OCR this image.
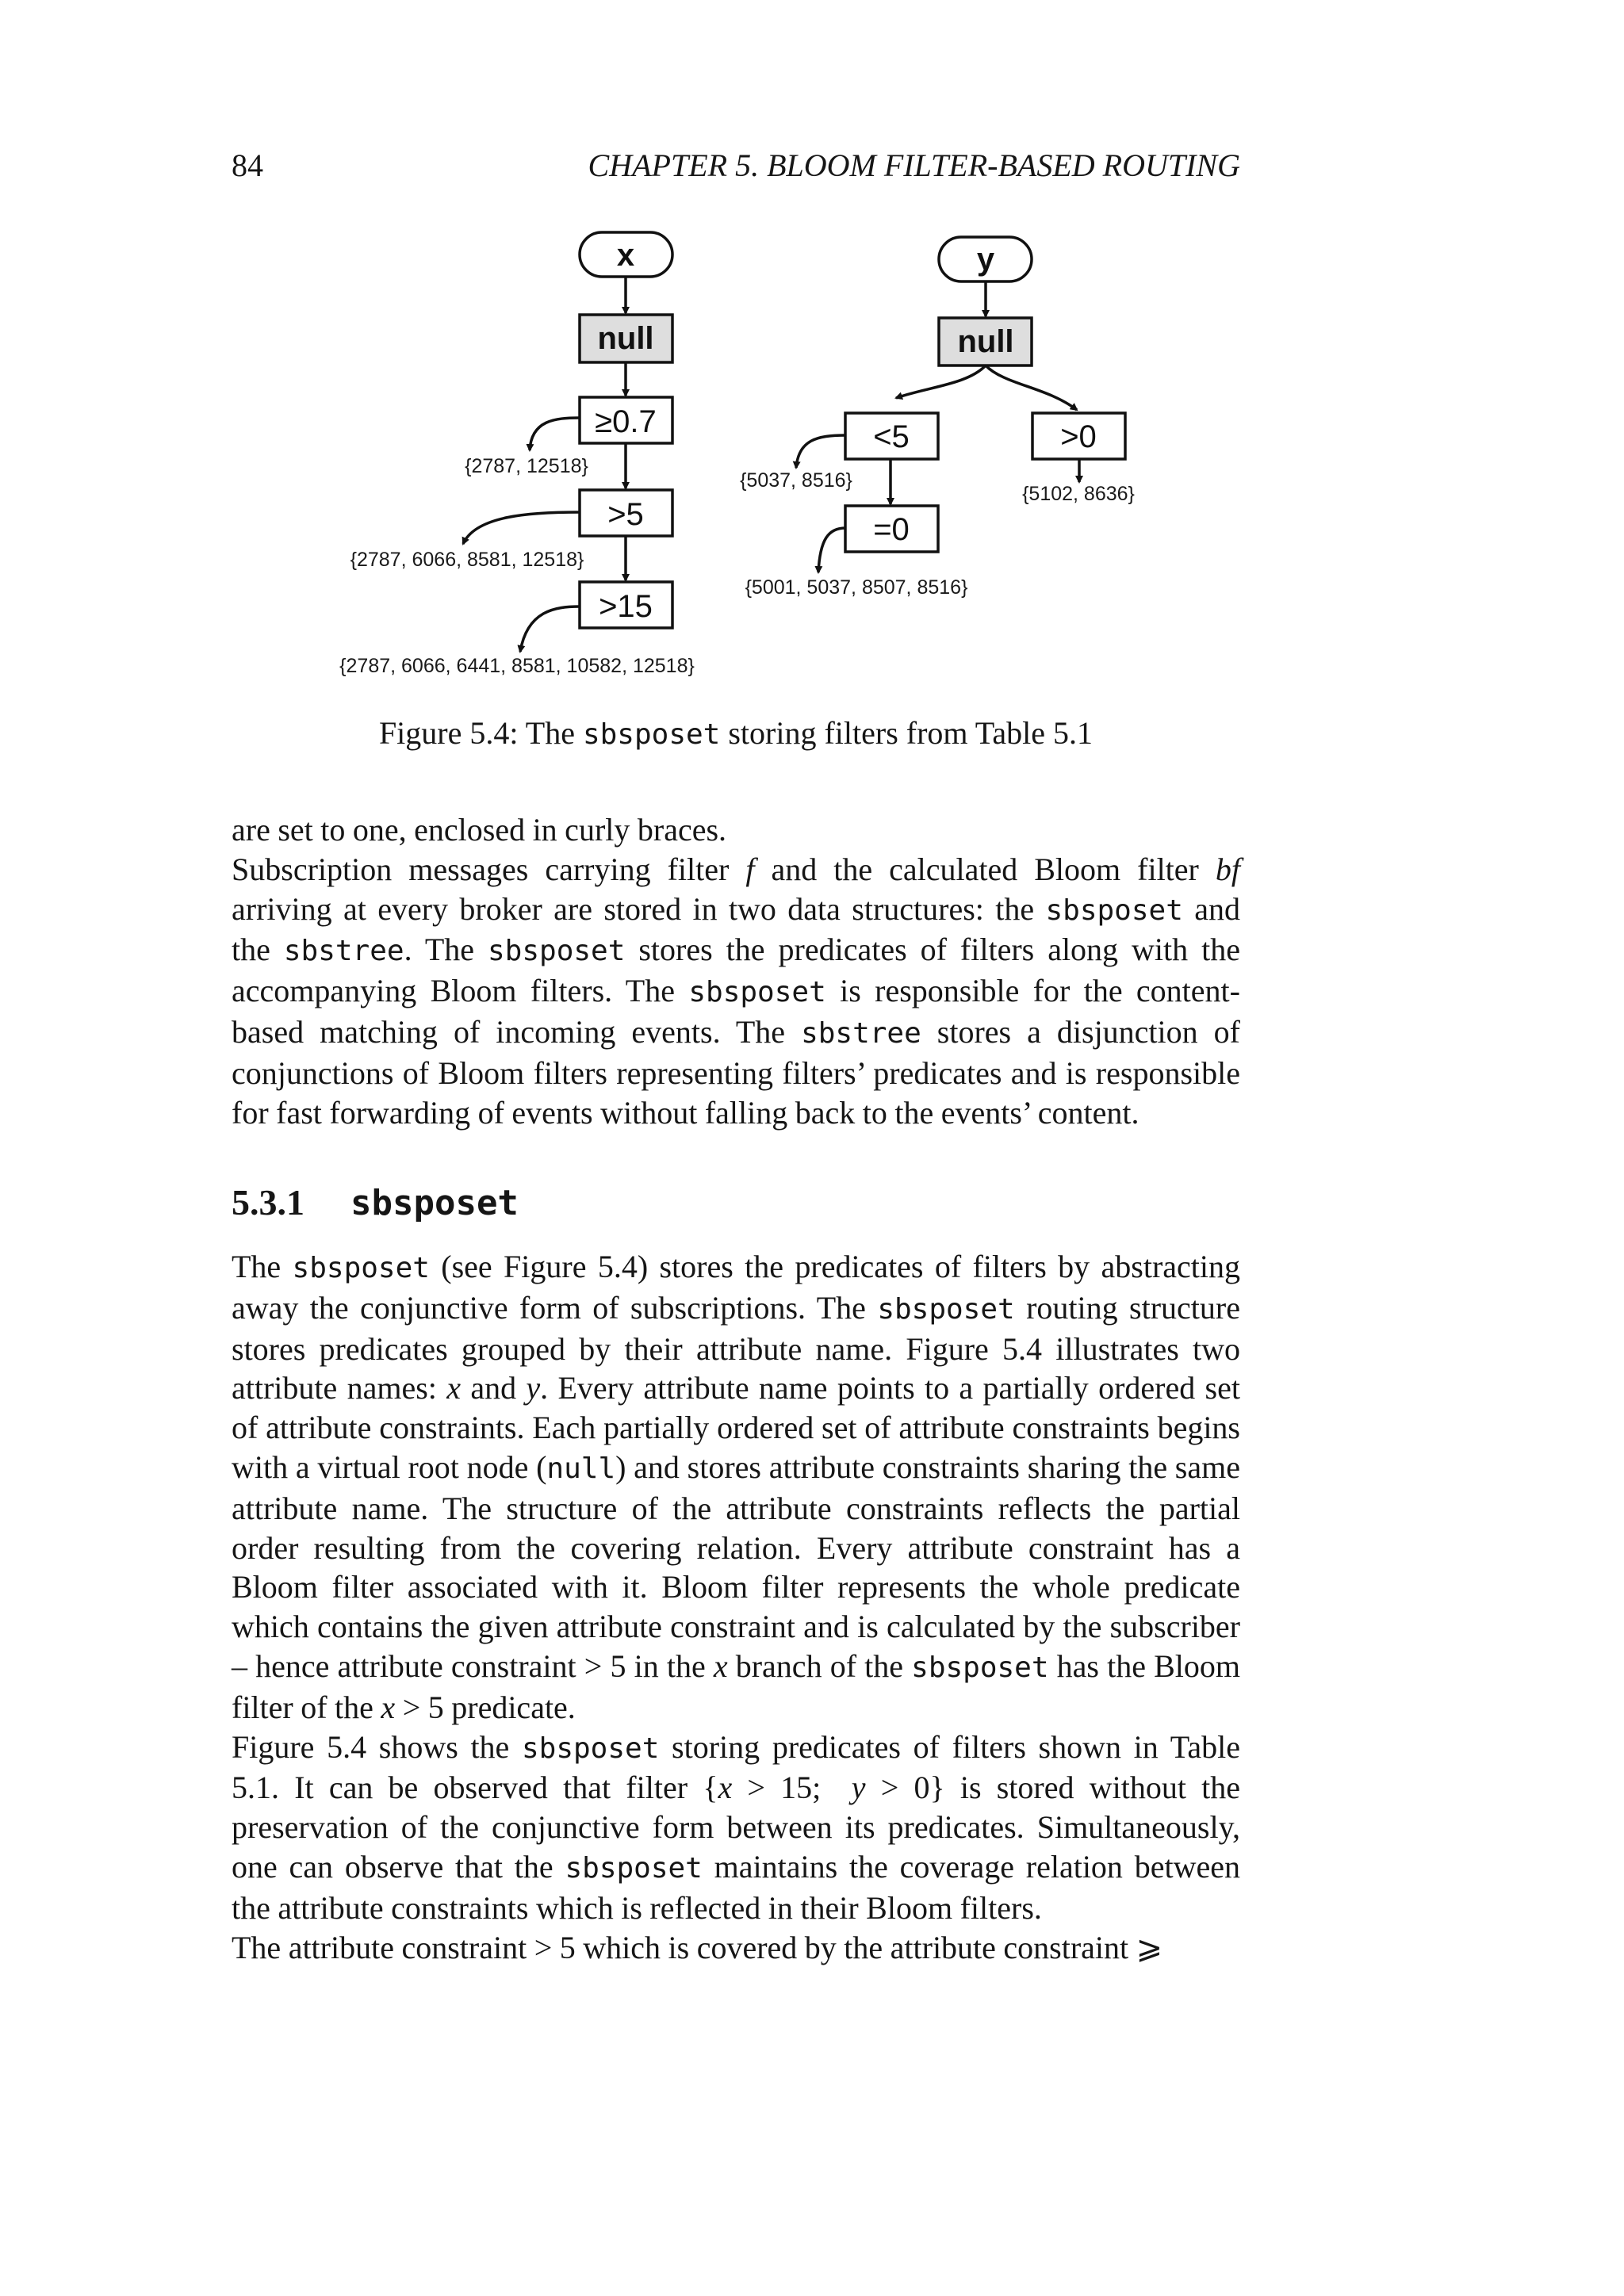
84	CHAPTER 5. BLOOM FILTER-BASED ROUTING
x
null
≥0.7
>5
>15
y
null
<5
=0
>0
{2787, 12518}
{2787, 6066, 8581, 12518}
{2787, 6066, 6441, 8581, 10582, 12518}
{5037, 8516}
{5001, 5037, 8507, 8516}
{5102, 8636}
Figure 5.4: The sbsposet storing filters from Table 5.1

are set to one, enclosed in curly braces.

Subscription messages carrying filter f and the calculated Bloom filter bf arriving at every broker are stored in two data structures: the sbsposet and the sbstree. The sbsposet stores the predicates of filters along with the accompanying Bloom filters. The sbsposet is responsible for the content-based matching of incoming events. The sbstree stores a disjunction of conjunctions of Bloom filters representing filters’ predicates and is responsible for fast forwarding of events without falling back to the events’ content.

5.3.1 sbsposet

The sbsposet (see Figure 5.4) stores the predicates of filters by abstracting away the conjunctive form of subscriptions. The sbsposet routing structure stores predicates grouped by their attribute name. Figure 5.4 illustrates two attribute names: x and y. Every attribute name points to a partially ordered set of attribute constraints. Each partially ordered set of attribute constraints begins with a virtual root node (null) and stores attribute constraints sharing the same attribute name. The structure of the attribute constraints reflects the partial order resulting from the covering relation. Every attribute constraint has a Bloom filter associated with it. Bloom filter represents the whole predicate which contains the given attribute constraint and is calculated by the subscriber – hence attribute constraint > 5 in the x branch of the sbsposet has the Bloom filter of the x > 5 predicate.

Figure 5.4 shows the sbsposet storing predicates of filters shown in Table 5.1. It can be observed that filter {x > 15;  y > 0} is stored without the preservation of the conjunctive form between its predicates. Simultaneously, one can observe that the sbsposet maintains the coverage relation between the attribute constraints which is reflected in their Bloom filters.

The attribute constraint > 5 which is covered by the attribute constraint ⩾
